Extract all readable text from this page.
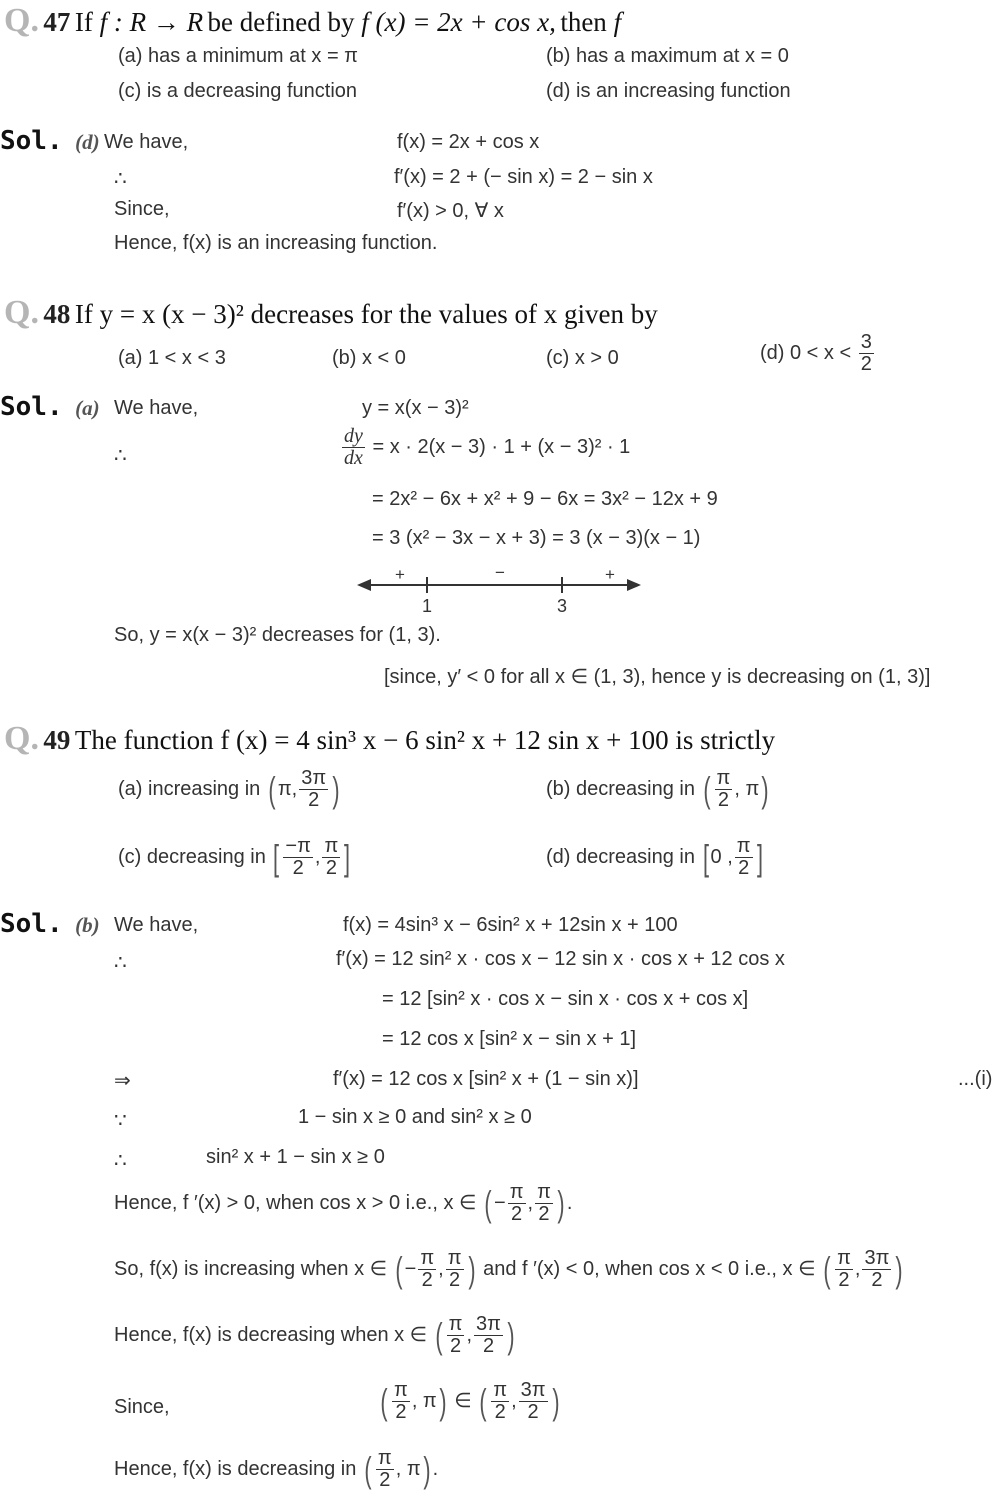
Q. 47 If f : R → R be defined by f (x) = 2x + cos x, then f
(a) has a minimum at x = π	(b) has a maximum at x = 0
(c) is a decreasing function	(d) is an increasing function
Sol. (d) We have,	f(x) = 2x + cos x
∴	f′(x) = 2 + (− sin x) = 2 − sin x
Since,	f′(x) > 0, ∀ x
Hence, f(x) is an increasing function.
Q. 48 If y = x (x − 3)² decreases for the values of x given by
(a) 1 < x < 3	(b) x < 0	(c) x > 0	(d) $0 < x < \frac{3}{2}$
Sol. (a) We have,	y = x(x − 3)²
∴	$\frac{dy}{dx} = x \cdot 2(x - 3) \cdot 1 + (x - 3)^2 \cdot 1$
= 2x² − 6x + x² + 9 − 6x = 3x² − 12x + 9
= 3 (x² − 3x − x + 3) = 3 (x − 3)(x − 1)
+	−	+
1	3
So, y = x(x − 3)² decreases for (1, 3).
[since, y′ < 0 for all x ∈ (1, 3), hence y is decreasing on (1, 3)]
Q. 49 The function f (x) = 4 sin³ x − 6 sin² x + 12 sin x + 100 is strictly
(a) increasing in ( π, $\frac{3\pi}{2}$ )	(b) decreasing in ( $\frac{\pi}{2}$ , π)
(c) decreasing in [ $\frac{-\pi}{2}$ , $\frac{\pi}{2}$ ]	(d) decreasing in [ 0 , $\frac{\pi}{2}$ ]
Sol. (b) We have,	f(x) = 4sin³ x − 6sin² x + 12sin x + 100
∴	f′(x) = 12 sin² x · cos x − 12 sin x · cos x + 12 cos x
= 12 [sin² x · cos x − sin x · cos x + cos x]
= 12 cos x [sin² x − sin x + 1]
⇒	f′(x) = 12 cos x [sin² x + (1 − sin x)]	...(i)
∵	1 − sin x ≥ 0 and sin² x ≥ 0
∴	sin² x + 1 − sin x ≥ 0
Hence, f ′(x) > 0, when cos x > 0 i.e., x ∈ ( − $\frac{\pi}{2}$ , $\frac{\pi}{2}$ ) .
So, f(x) is increasing when x ∈ ( − $\frac{\pi}{2}$ , $\frac{\pi}{2}$ ) and f ′(x) < 0, when cos x < 0 i.e., x ∈ ( $\frac{\pi}{2}$ , $\frac{3\pi}{2}$ )
Hence, f(x) is decreasing when x ∈ ( $\frac{\pi}{2}$ , $\frac{3\pi}{2}$ )
Since,	( $\frac{\pi}{2}$ , π) ∈ ( $\frac{\pi}{2}$ , $\frac{3\pi}{2}$ )
Hence, f(x) is decreasing in ( $\frac{\pi}{2}$ , π) .
